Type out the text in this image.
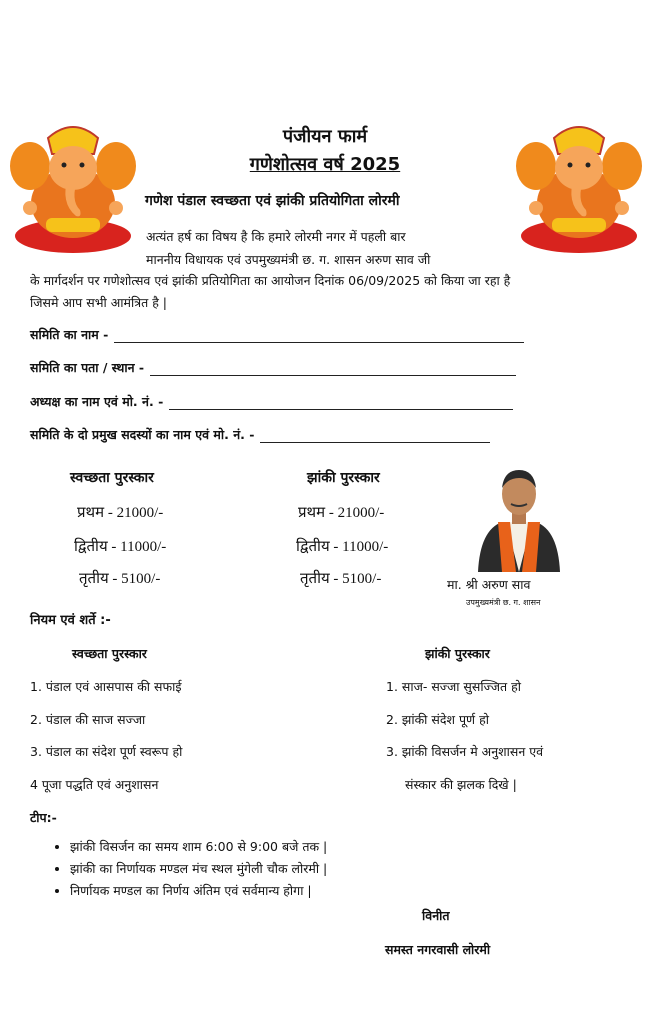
पंजीयन फार्म
गणेशोत्सव वर्ष 2025
गणेश पंडाल स्वच्छता एवं झांकी प्रतियोगिता लोरमी
अत्यंत हर्ष का विषय है कि हमारे लोरमी नगर में पहली बार
माननीय विधायक एवं उपमुख्यमंत्री छ. ग. शासन अरुण साव जी
के मार्गदर्शन पर गणेशोत्सव एवं झांकी प्रतियोगिता का आयोजन दिनांक 06/09/2025 को किया जा रहा है
जिसमे आप सभी आमंत्रित है |
समिति का नाम -
समिति का पता / स्थान -
अध्यक्ष का नाम एवं मो. नं. -
समिति के दो प्रमुख सदस्यों का नाम एवं मो. नं. -
स्वच्छता पुरस्कार
प्रथम - 21000/-
द्वितीय - 11000/-
तृतीय - 5100/-
झांकी पुरस्कार
प्रथम - 21000/-
द्वितीय - 11000/-
तृतीय - 5100/-	मा. श्री अरुण साव
उपमुख्यमंत्री छ. ग. शासन
नियम एवं शर्ते :-
स्वच्छता पुरस्कार
1. पंडाल एवं आसपास की सफाई
2. पंडाल की साज सज्जा
3. पंडाल का संदेश पूर्ण स्वरूप हो
4 पूजा पद्धति एवं अनुशासन
झांकी पुरस्कार
1. साज- सज्जा सुसज्जित हो
2. झांकी संदेश पूर्ण हो
3. झांकी विसर्जन मे अनुशासन एवं
संस्कार की झलक दिखे |
टीप:-
• झांकी विसर्जन का समय शाम 6:00 से 9:00 बजे तक |
• झांकी का निर्णायक मण्डल मंच स्थल मुंगेली चौक लोरमी |
• निर्णायक मण्डल का निर्णय अंतिम एवं सर्वमान्य होगा |
विनीत
समस्त नगरवासी लोरमी
